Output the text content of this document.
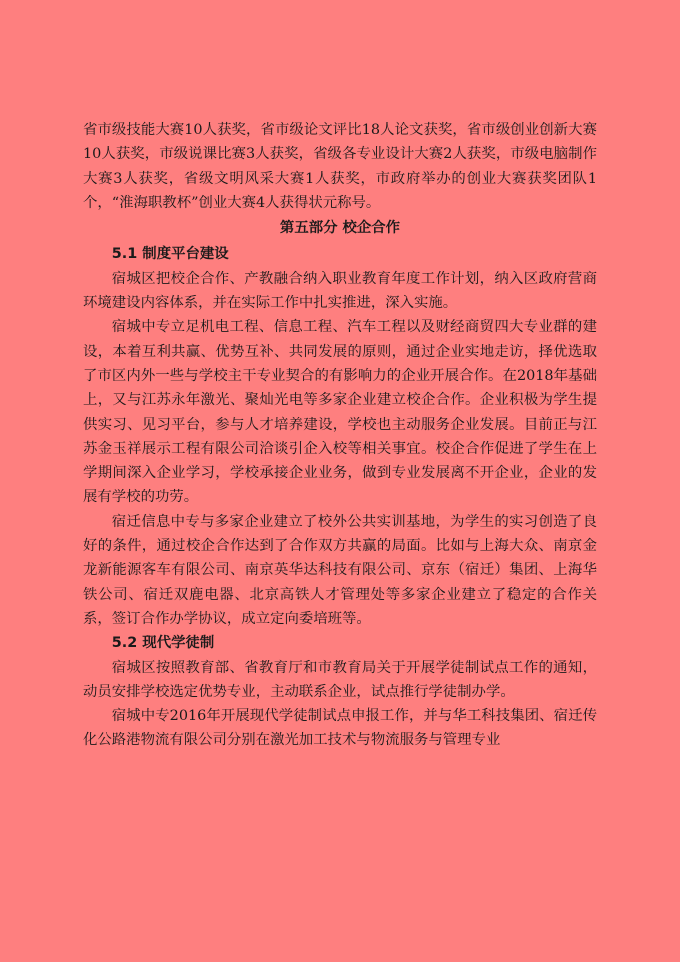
省市级技能大赛10人获奖，省市级论文评比18人论文获奖，省市级创业创新大赛10人获奖，市级说课比赛3人获奖，省级各专业设计大赛2人获奖，市级电脑制作大赛3人获奖，省级文明风采大赛1人获奖，市政府举办的创业大赛获奖团队1个，“淮海职教杯”创业大赛4人获得状元称号。

第五部分 校企合作

5.1 制度平台建设

宿城区把校企合作、产教融合纳入职业教育年度工作计划，纳入区政府营商环境建设内容体系，并在实际工作中扎实推进，深入实施。

宿城中专立足机电工程、信息工程、汽车工程以及财经商贸四大专业群的建设，本着互利共赢、优势互补、共同发展的原则，通过企业实地走访，择优选取了市区内外一些与学校主干专业契合的有影响力的企业开展合作。在2018年基础上，又与江苏永年激光、聚灿光电等多家企业建立校企合作。企业积极为学生提供实习、见习平台，参与人才培养建设，学校也主动服务企业发展。目前正与江苏金玉祥展示工程有限公司洽谈引企入校等相关事宜。校企合作促进了学生在上学期间深入企业学习，学校承接企业业务，做到专业发展离不开企业，企业的发展有学校的功劳。

宿迁信息中专与多家企业建立了校外公共实训基地，为学生的实习创造了良好的条件，通过校企合作达到了合作双方共赢的局面。比如与上海大众、南京金龙新能源客车有限公司、南京英华达科技有限公司、京东（宿迁）集团、上海华铁公司、宿迁双鹿电器、北京高铁人才管理处等多家企业建立了稳定的合作关系，签订合作办学协议，成立定向委培班等。

5.2 现代学徒制

宿城区按照教育部、省教育厅和市教育局关于开展学徒制试点工作的通知，动员安排学校选定优势专业，主动联系企业，试点推行学徒制办学。

宿城中专2016年开展现代学徒制试点申报工作，并与华工科技集团、宿迁传化公路港物流有限公司分别在激光加工技术与物流服务与管理专业
